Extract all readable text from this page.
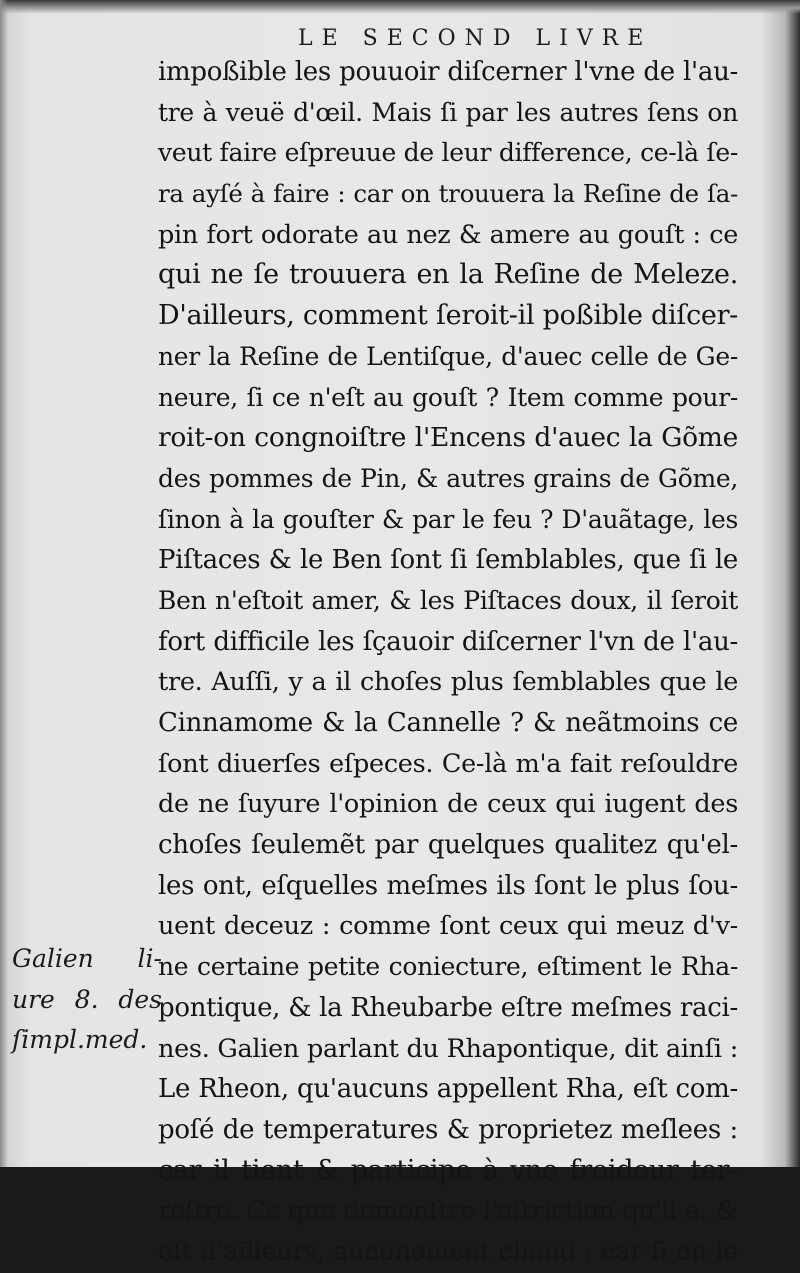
LE SECOND LIVRE
impoßible les pouuoir diſcerner l'vne de l'au-
tre à veuë d'œil. Mais ſi par les autres ſens on
veut faire eſpreuue de leur difference, ce-là ſe-
ra ayſé à faire : car on trouuera la Reſine de ſa-
pin fort odorate au nez & amere au gouſt : ce
qui ne ſe trouuera en la Reſine de Meleze.
D'ailleurs, comment ſeroit-il poßible diſcer-
ner la Reſine de Lentiſque, d'auec celle de Ge-
neure, ſi ce n'eſt au gouſt ? Item comme pour-
roit-on congnoiſtre l'Encens d'auec la Gõme
des pommes de Pin, & autres grains de Gõme,
ſinon à la gouſter & par le feu ? D'auãtage, les
Piſtaces & le Ben ſont ſi ſemblables, que ſi le
Ben n'eſtoit amer, & les Piſtaces doux, il ſeroit
fort difficile les ſçauoir diſcerner l'vn de l'au-
tre. Auſſi, y a il choſes plus ſemblables que le
Cinnamome & la Cannelle ? & neãtmoins ce
ſont diuerſes eſpeces. Ce-là m'a fait reſouldre
de ne ſuyure l'opinion de ceux qui iugent des
choſes ſeulemẽt par quelques qualitez qu'el-
les ont, eſquelles meſmes ils ſont le plus ſou-
uent deceuz : comme ſont ceux qui meuz d'v-
ne certaine petite coniecture, eſtiment le Rha-
pontique, & la Rheubarbe eſtre meſmes raci-
nes. Galien parlant du Rhapontique, dit ainſi :
Le Rheon, qu'aucuns appellent Rha, eſt com-
poſé de temperatures & proprietez meſlees :
car il tient & participe à vne froideur ter-
reſtre. Ce que demonſtre l'aſtriction qu'il a, &
eſt d'ailleurs, aucunement chaud : car ſi on le
Galien li-
ure 8. des
ſimpl.med.
